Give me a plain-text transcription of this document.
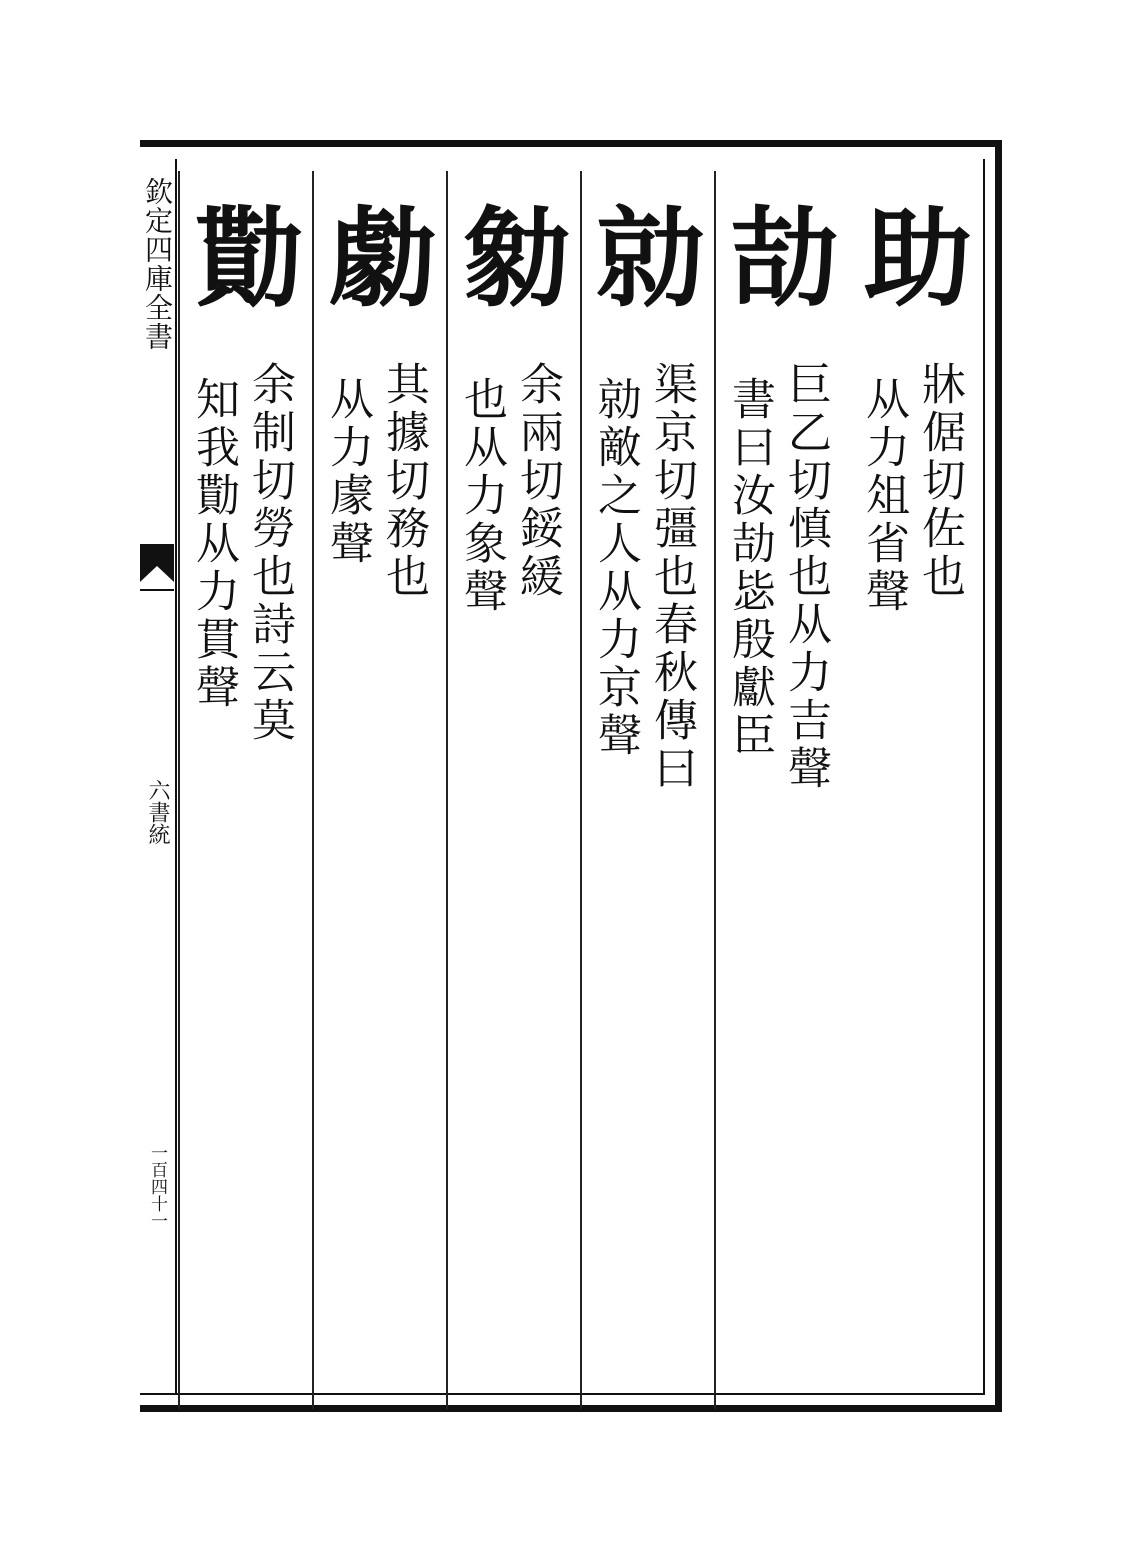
欽定四庫全書
六書統
一百四十一
助
牀倨切佐也
从力俎省聲
劼
巨乙切慎也从力吉聲
書曰汝劼毖殷獻臣
勍
渠京切彊也春秋傳曰
勍敵之人从力京聲
勨
余兩切鋖緩
也从力象聲
勮
其據切務也
从力豦聲
勩
余制切勞也詩云莫
知我勩从力貫聲
